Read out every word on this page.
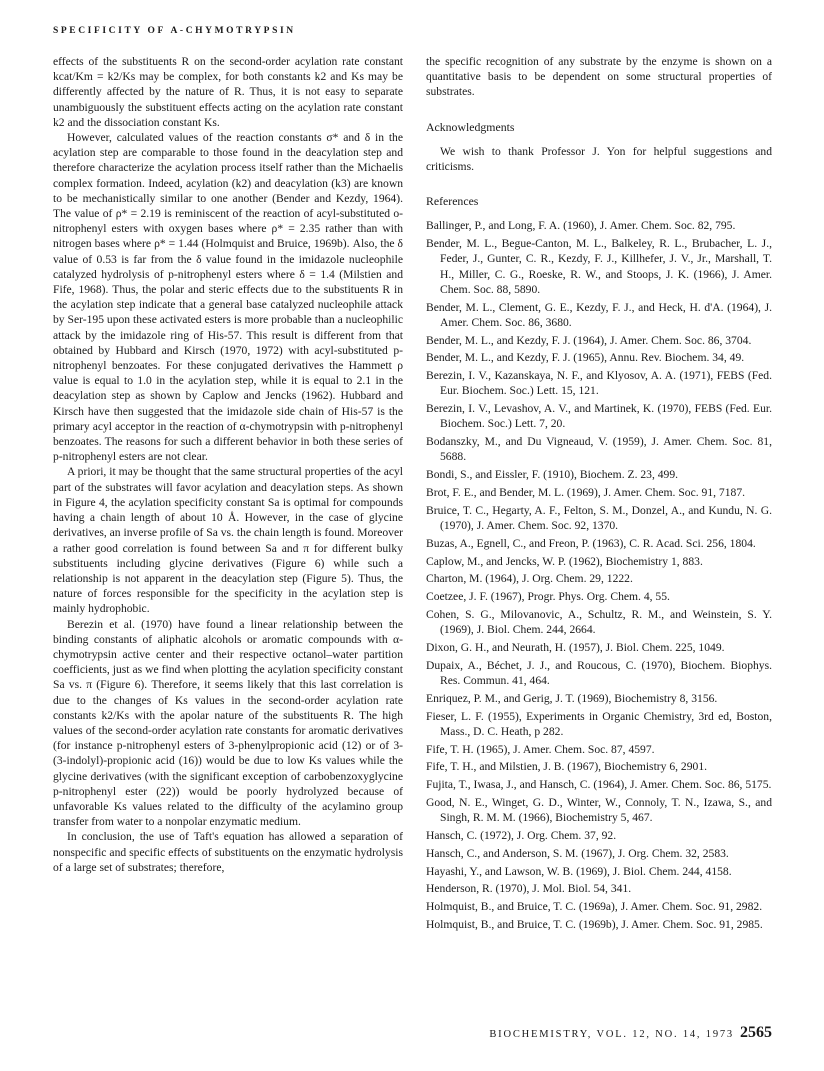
SPECIFICITY OF Α-CHYMOTRYPSIN

effects of the substituents R on the second-order acylation rate constant kcat/Km = k2/Ks may be complex, for both constants k2 and Ks may be differently affected by the nature of R. Thus, it is not easy to separate unambiguously the substituent effects acting on the acylation rate constant k2 and the dissociation constant Ks.

However, calculated values of the reaction constants σ* and δ in the acylation step are comparable to those found in the deacylation step and therefore characterize the acylation process itself rather than the Michaelis complex formation. Indeed, acylation (k2) and deacylation (k3) are known to be mechanistically similar to one another (Bender and Kezdy, 1964). The value of ρ* = 2.19 is reminiscent of the reaction of acyl-substituted o-nitrophenyl esters with oxygen bases where ρ* = 2.35 rather than with nitrogen bases where ρ* = 1.44 (Holmquist and Bruice, 1969b). Also, the δ value of 0.53 is far from the δ value found in the imidazole nucleophile catalyzed hydrolysis of p-nitrophenyl esters where δ = 1.4 (Milstien and Fife, 1968). Thus, the polar and steric effects due to the substituents R in the acylation step indicate that a general base catalyzed nucleophile attack by Ser-195 upon these activated esters is more probable than a nucleophilic attack by the imidazole ring of His-57. This result is different from that obtained by Hubbard and Kirsch (1970, 1972) with acyl-substituted p-nitrophenyl benzoates. For these conjugated derivatives the Hammett ρ value is equal to 1.0 in the acylation step, while it is equal to 2.1 in the deacylation step as shown by Caplow and Jencks (1962). Hubbard and Kirsch have then suggested that the imidazole side chain of His-57 is the primary acyl acceptor in the reaction of α-chymotrypsin with p-nitrophenyl benzoates. The reasons for such a different behavior in both these series of p-nitrophenyl esters are not clear.

A priori, it may be thought that the same structural properties of the acyl part of the substrates will favor acylation and deacylation steps. As shown in Figure 4, the acylation specificity constant Sa is optimal for compounds having a chain length of about 10 Å. However, in the case of glycine derivatives, an inverse profile of Sa vs. the chain length is found. Moreover a rather good correlation is found between Sa and π for different bulky substituents including glycine derivatives (Figure 6) while such a relationship is not apparent in the deacylation step (Figure 5). Thus, the nature of forces responsible for the specificity in the acylation step is mainly hydrophobic.

Berezin et al. (1970) have found a linear relationship between the binding constants of aliphatic alcohols or aromatic compounds with α-chymotrypsin active center and their respective octanol–water partition coefficients, just as we find when plotting the acylation specificity constant Sa vs. π (Figure 6). Therefore, it seems likely that this last correlation is due to the changes of Ks values in the second-order acylation rate constants k2/Ks with the apolar nature of the substituents R. The high values of the second-order acylation rate constants for aromatic derivatives (for instance p-nitrophenyl esters of 3-phenylpropionic acid (12) or of 3-(3-indolyl)-propionic acid (16)) would be due to low Ks values while the glycine derivatives (with the significant exception of carbobenzoxyglycine p-nitrophenyl ester (22)) would be poorly hydrolyzed because of unfavorable Ks values related to the difficulty of the acylamino group transfer from water to a nonpolar enzymatic medium.

In conclusion, the use of Taft's equation has allowed a separation of nonspecific and specific effects of substituents on the enzymatic hydrolysis of a large set of substrates; therefore,

the specific recognition of any substrate by the enzyme is shown on a quantitative basis to be dependent on some structural properties of substrates.

Acknowledgments

We wish to thank Professor J. Yon for helpful suggestions and criticisms.

References

Ballinger, P., and Long, F. A. (1960), J. Amer. Chem. Soc. 82, 795.

Bender, M. L., Begue-Canton, M. L., Balkeley, R. L., Brubacher, L. J., Feder, J., Gunter, C. R., Kezdy, F. J., Killhefer, J. V., Jr., Marshall, T. H., Miller, C. G., Roeske, R. W., and Stoops, J. K. (1966), J. Amer. Chem. Soc. 88, 5890.

Bender, M. L., Clement, G. E., Kezdy, F. J., and Heck, H. d'A. (1964), J. Amer. Chem. Soc. 86, 3680.

Bender, M. L., and Kezdy, F. J. (1964), J. Amer. Chem. Soc. 86, 3704.

Bender, M. L., and Kezdy, F. J. (1965), Annu. Rev. Biochem. 34, 49.

Berezin, I. V., Kazanskaya, N. F., and Klyosov, A. A. (1971), FEBS (Fed. Eur. Biochem. Soc.) Lett. 15, 121.

Berezin, I. V., Levashov, A. V., and Martinek, K. (1970), FEBS (Fed. Eur. Biochem. Soc.) Lett. 7, 20.

Bodanszky, M., and Du Vigneaud, V. (1959), J. Amer. Chem. Soc. 81, 5688.

Bondi, S., and Eissler, F. (1910), Biochem. Z. 23, 499.

Brot, F. E., and Bender, M. L. (1969), J. Amer. Chem. Soc. 91, 7187.

Bruice, T. C., Hegarty, A. F., Felton, S. M., Donzel, A., and Kundu, N. G. (1970), J. Amer. Chem. Soc. 92, 1370.

Buzas, A., Egnell, C., and Freon, P. (1963), C. R. Acad. Sci. 256, 1804.

Caplow, M., and Jencks, W. P. (1962), Biochemistry 1, 883.

Charton, M. (1964), J. Org. Chem. 29, 1222.

Coetzee, J. F. (1967), Progr. Phys. Org. Chem. 4, 55.

Cohen, S. G., Milovanovic, A., Schultz, R. M., and Weinstein, S. Y. (1969), J. Biol. Chem. 244, 2664.

Dixon, G. H., and Neurath, H. (1957), J. Biol. Chem. 225, 1049.

Dupaix, A., Béchet, J. J., and Roucous, C. (1970), Biochem. Biophys. Res. Commun. 41, 464.

Enriquez, P. M., and Gerig, J. T. (1969), Biochemistry 8, 3156.

Fieser, L. F. (1955), Experiments in Organic Chemistry, 3rd ed, Boston, Mass., D. C. Heath, p 282.

Fife, T. H. (1965), J. Amer. Chem. Soc. 87, 4597.

Fife, T. H., and Milstien, J. B. (1967), Biochemistry 6, 2901.

Fujita, T., Iwasa, J., and Hansch, C. (1964), J. Amer. Chem. Soc. 86, 5175.

Good, N. E., Winget, G. D., Winter, W., Connoly, T. N., Izawa, S., and Singh, R. M. M. (1966), Biochemistry 5, 467.

Hansch, C. (1972), J. Org. Chem. 37, 92.

Hansch, C., and Anderson, S. M. (1967), J. Org. Chem. 32, 2583.

Hayashi, Y., and Lawson, W. B. (1969), J. Biol. Chem. 244, 4158.

Henderson, R. (1970), J. Mol. Biol. 54, 341.

Holmquist, B., and Bruice, T. C. (1969a), J. Amer. Chem. Soc. 91, 2982.

Holmquist, B., and Bruice, T. C. (1969b), J. Amer. Chem. Soc. 91, 2985.

BIOCHEMISTRY, VOL. 12, NO. 14, 1973 2565
